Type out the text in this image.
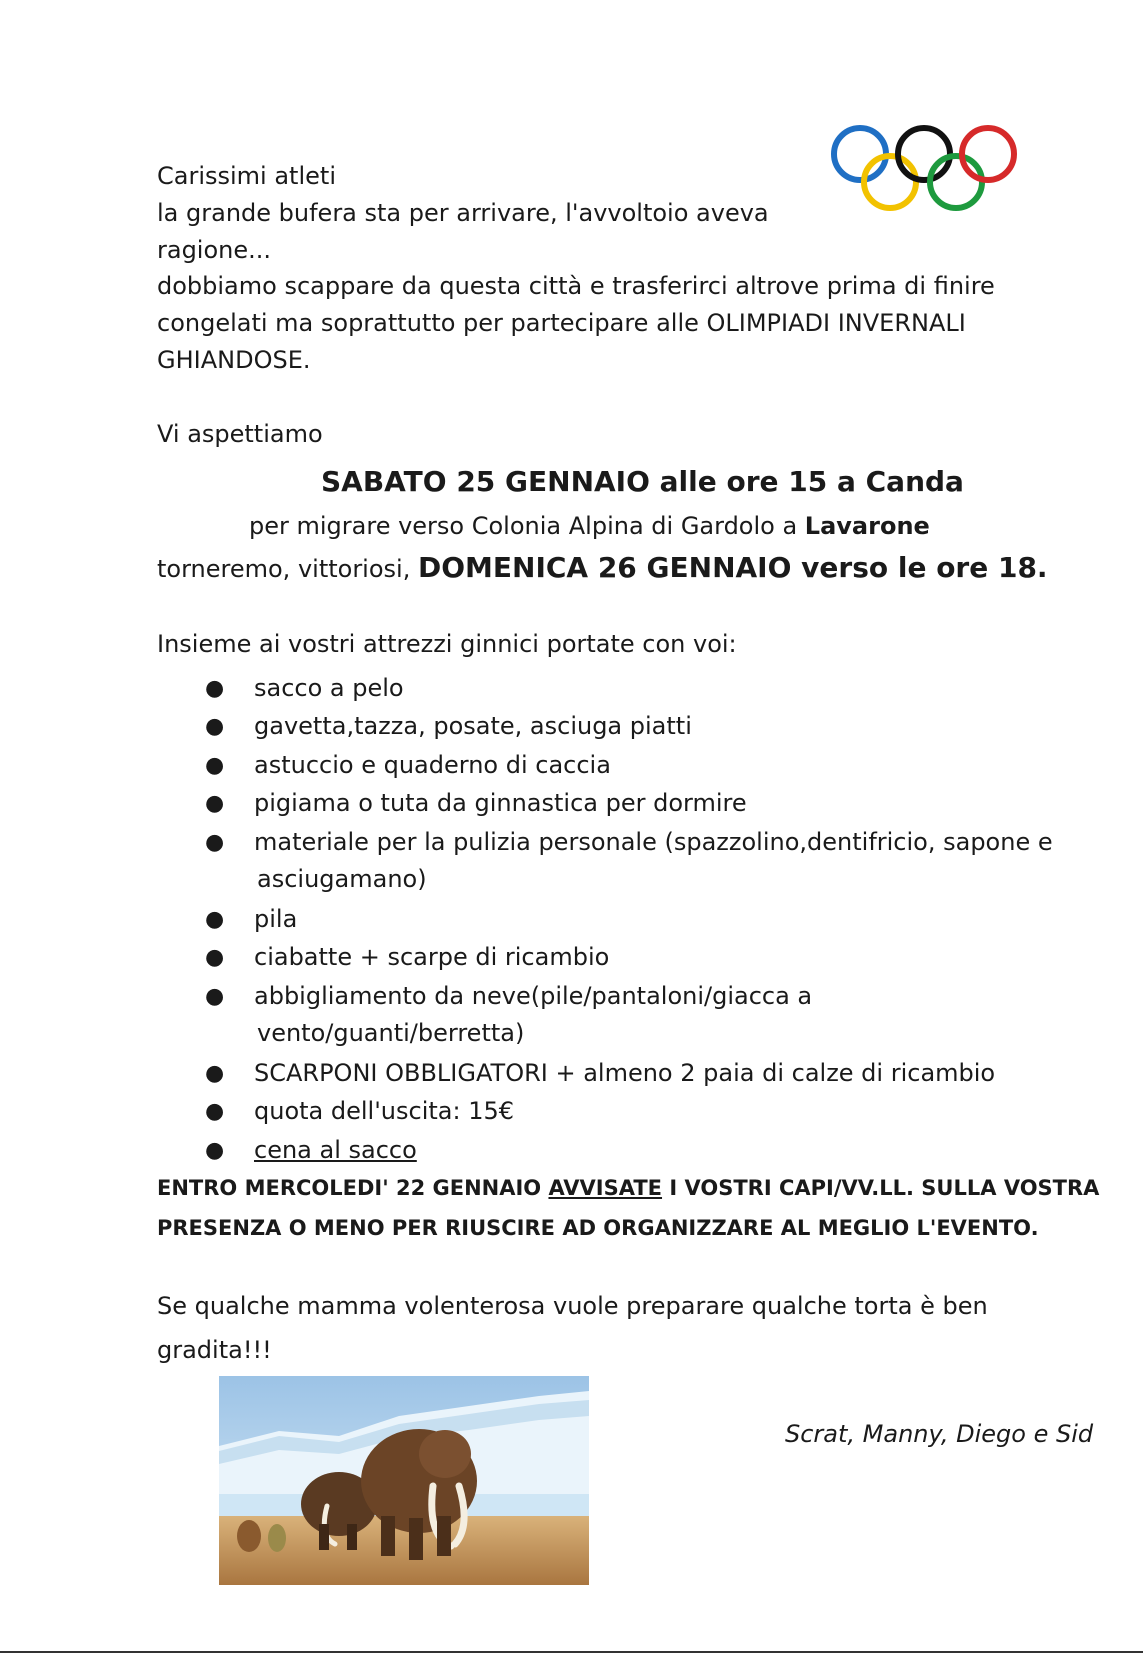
Carissimi atleti
la grande bufera sta per arrivare, l'avvoltoio aveva
ragione...
dobbiamo scappare da questa città e trasferirci altrove prima di finire
congelati ma soprattutto per partecipare alle OLIMPIADI INVERNALI
GHIANDOSE.
Vi aspettiamo
SABATO 25 GENNAIO alle ore 15 a Canda
per migrare verso Colonia Alpina di Gardolo a Lavarone
torneremo, vittoriosi, DOMENICA 26 GENNAIO verso le ore 18.
Insieme ai vostri attrezzi ginnici portate con voi:
● sacco a pelo
● gavetta,tazza, posate, asciuga piatti
● astuccio e quaderno di caccia
● pigiama o tuta da ginnastica per dormire
● materiale per la pulizia personale (spazzolino,dentifricio, sapone e
asciugamano)
● pila
● ciabatte + scarpe di ricambio
● abbigliamento da neve(pile/pantaloni/giacca a
vento/guanti/berretta)
● SCARPONI OBBLIGATORI + almeno 2 paia di calze di ricambio
● quota dell'uscita: 15€
● cena al sacco
ENTRO MERCOLEDI' 22 GENNAIO AVVISATE I VOSTRI CAPI/VV.LL. SULLA VOSTRA
PRESENZA O MENO PER RIUSCIRE AD ORGANIZZARE AL MEGLIO L'EVENTO.
Se qualche mamma volenterosa vuole preparare qualche torta è ben
gradita!!!
Scrat, Manny, Diego e Sid
